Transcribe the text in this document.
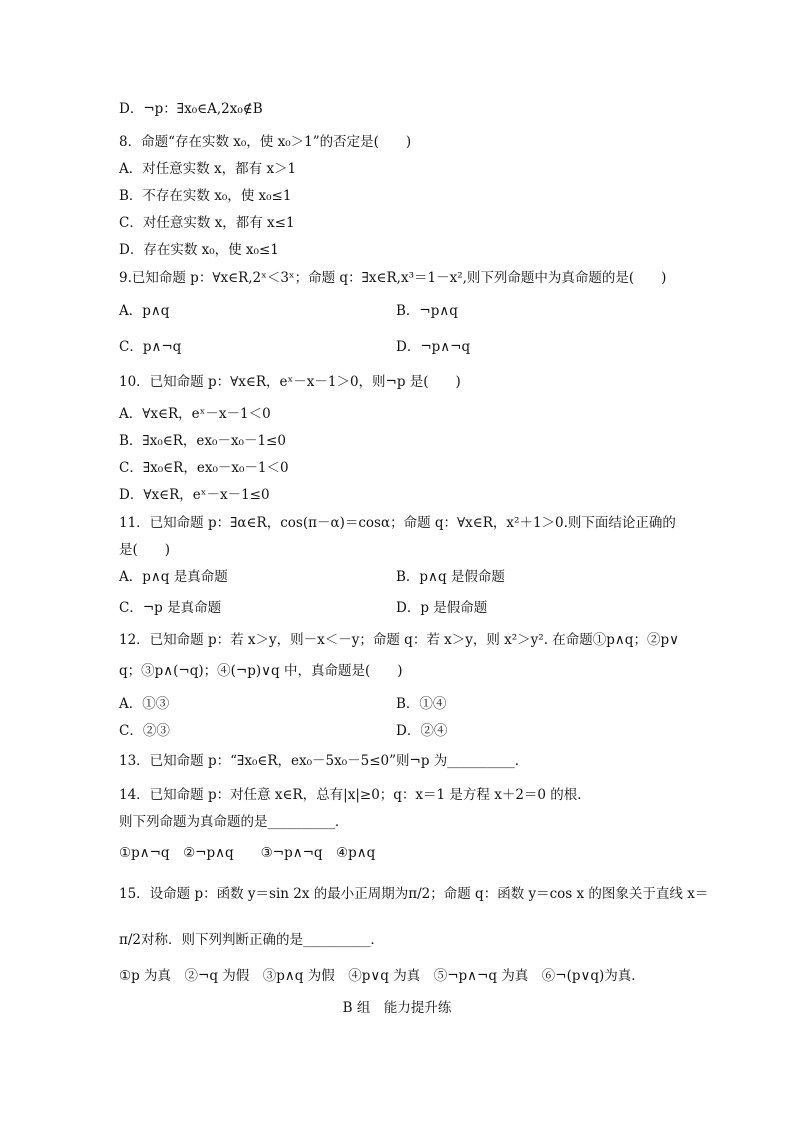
D．¬p：∃x₀∈A,2x₀∉B
8．命题“存在实数 x₀，使 x₀＞1”的否定是(　　)
A．对任意实数 x，都有 x＞1
B．不存在实数 x₀，使 x₀≤1
C．对任意实数 x，都有 x≤1
D．存在实数 x₀，使 x₀≤1
9.已知命题 p：∀x∈R,2ˣ＜3ˣ；命题 q：∃x∈R,x³＝1－x²,则下列命题中为真命题的是(　　)
A．p∧q	B．¬p∧q
C．p∧¬q	D．¬p∧¬q
10．已知命题 p：∀x∈R，eˣ－x－1＞0，则¬p 是(　　)
A．∀x∈R，eˣ－x－1＜0
B．∃x₀∈R，ex₀－x₀－1≤0
C．∃x₀∈R，ex₀－x₀－1＜0
D．∀x∈R，eˣ－x－1≤0
11．已知命题 p：∃α∈R，cos(π－α)＝cosα；命题 q：∀x∈R，x²＋1＞0.则下面结论正确的
是(　　)
A．p∧q 是真命题	B．p∧q 是假命题
C．¬p 是真命题	D．p 是假命题
12．已知命题 p：若 x＞y，则－x＜－y；命题 q：若 x＞y，则 x²＞y². 在命题①p∧q；②p∨
q；③p∧(¬q)；④(¬p)∨q 中，真命题是(　　)
A．①③	B．①④
C．②③	D．②④
13．已知命题 p：“∃x₀∈R，ex₀－5x₀－5≤0”则¬p 为__________．
14．已知命题 p：对任意 x∈R，总有|x|≥0；q：x＝1 是方程 x＋2＝0 的根．
则下列命题为真命题的是__________．
①p∧¬q　②¬p∧q　　③¬p∧¬q　④p∧q
15．设命题 p：函数 y＝sin 2x 的最小正周期为π/2；命题 q：函数 y＝cos x 的图象关于直线 x＝
π/2对称．则下列判断正确的是__________．
①p 为真　②¬q 为假　③p∧q 为假　④p∨q 为真　⑤¬p∧¬q 为真　⑥¬(p∨q)为真．
B 组　能力提升练
